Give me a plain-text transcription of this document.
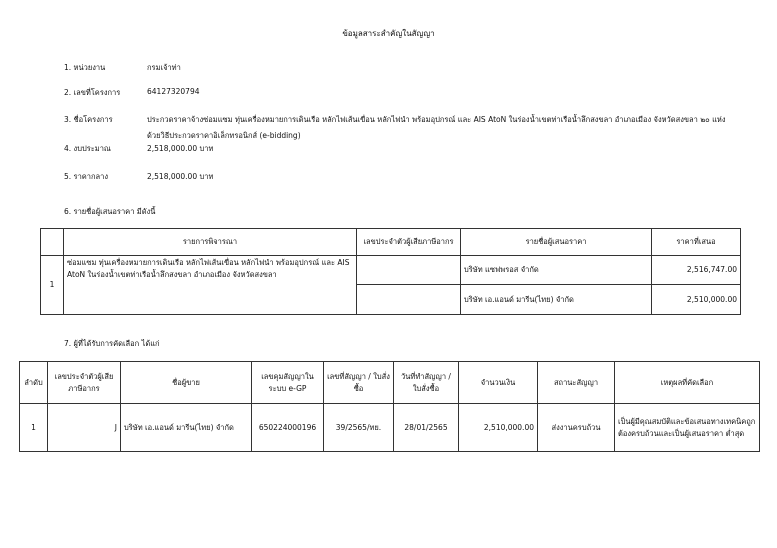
ข้อมูลสาระสำคัญในสัญญา
1. หน่วยงาน	กรมเจ้าท่า
2. เลขที่โครงการ	64127320794
3. ชื่อโครงการ	ประกวดราคาจ้างซ่อมแซม ทุ่นเครื่องหมายการเดินเรือ หลักไฟเส้นเขื่อน หลักไฟนำ พร้อมอุปกรณ์ และ AIS AtoN ในร่องน้ำเขตท่าเรือน้ำลึกสงขลา อำเภอเมือง จังหวัดสงขลา ๒๐ แห่ง
ด้วยวิธีประกวดราคาอิเล็กทรอนิกส์ (e-bidding)
4. งบประมาณ	2,518,000.00 บาท
5. ราคากลาง	2,518,000.00 บาท
6. รายชื่อผู้เสนอราคา มีดังนี้
	รายการพิจารณา	เลขประจำตัวผู้เสียภาษีอากร	รายชื่อผู้เสนอราคา	ราคาที่เสนอ
1	ซ่อมแซม ทุ่นเครื่องหมายการเดินเรือ หลักไฟเส้นเขื่อน หลักไฟนำ พร้อมอุปกรณ์ และ AIS AtoN ในร่องน้ำเขตท่าเรือน้ำลึกสงขลา อำเภอเมือง จังหวัดสงขลา		บริษัท แซฟพรอส จำกัด	2,516,747.00
			บริษัท เอ.แอนด์ มารีน(ไทย) จำกัด	2,510,000.00
7. ผู้ที่ได้รับการคัดเลือก ได้แก่
ลำดับ	เลขประจำตัวผู้เสียภาษีอากร	ชื่อผู้ขาย	เลขคุมสัญญาในระบบ e-GP	เลขที่สัญญา / ใบสั่งซื้อ	วันที่ทำสัญญา / ใบสั่งซื้อ	จำนวนเงิน	สถานะสัญญา	เหตุผลที่คัดเลือก
1	J	บริษัท เอ.แอนด์ มารีน(ไทย) จำกัด	650224000196	39/2565/ทย.	28/01/2565	2,510,000.00	ส่งงานครบถ้วน	เป็นผู้มีคุณสมบัติและข้อเสนอทางเทคนิคถูกต้องครบถ้วนและเป็นผู้เสนอราคา ต่ำสุด
